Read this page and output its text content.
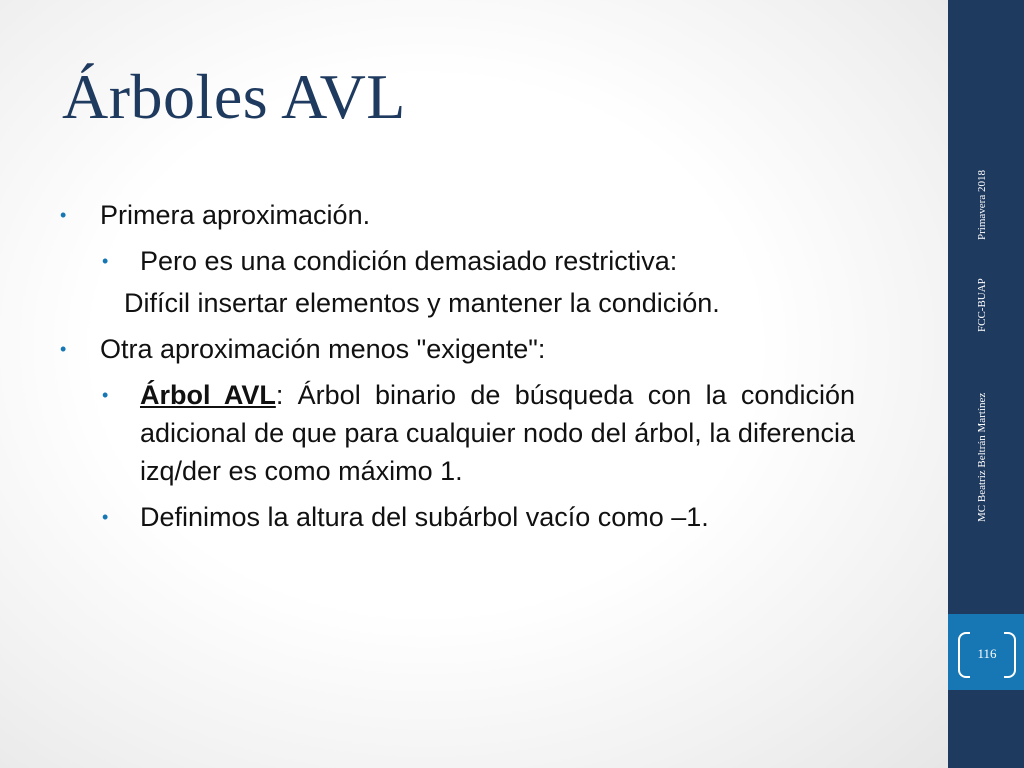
Árboles AVL
• Primera aproximación.
• Pero es una condición demasiado restrictiva:
Difícil insertar elementos y mantener la condición.
• Otra aproximación menos "exigente":
• Árbol AVL: Árbol binario de búsqueda con la condición adicional de que para cualquier nodo del árbol, la diferencia izq/der es como máximo 1.
• Definimos la altura del subárbol vacío como –1.
Primavera 2018
FCC-BUAP
MC Beatriz Beltrán Martínez
116
